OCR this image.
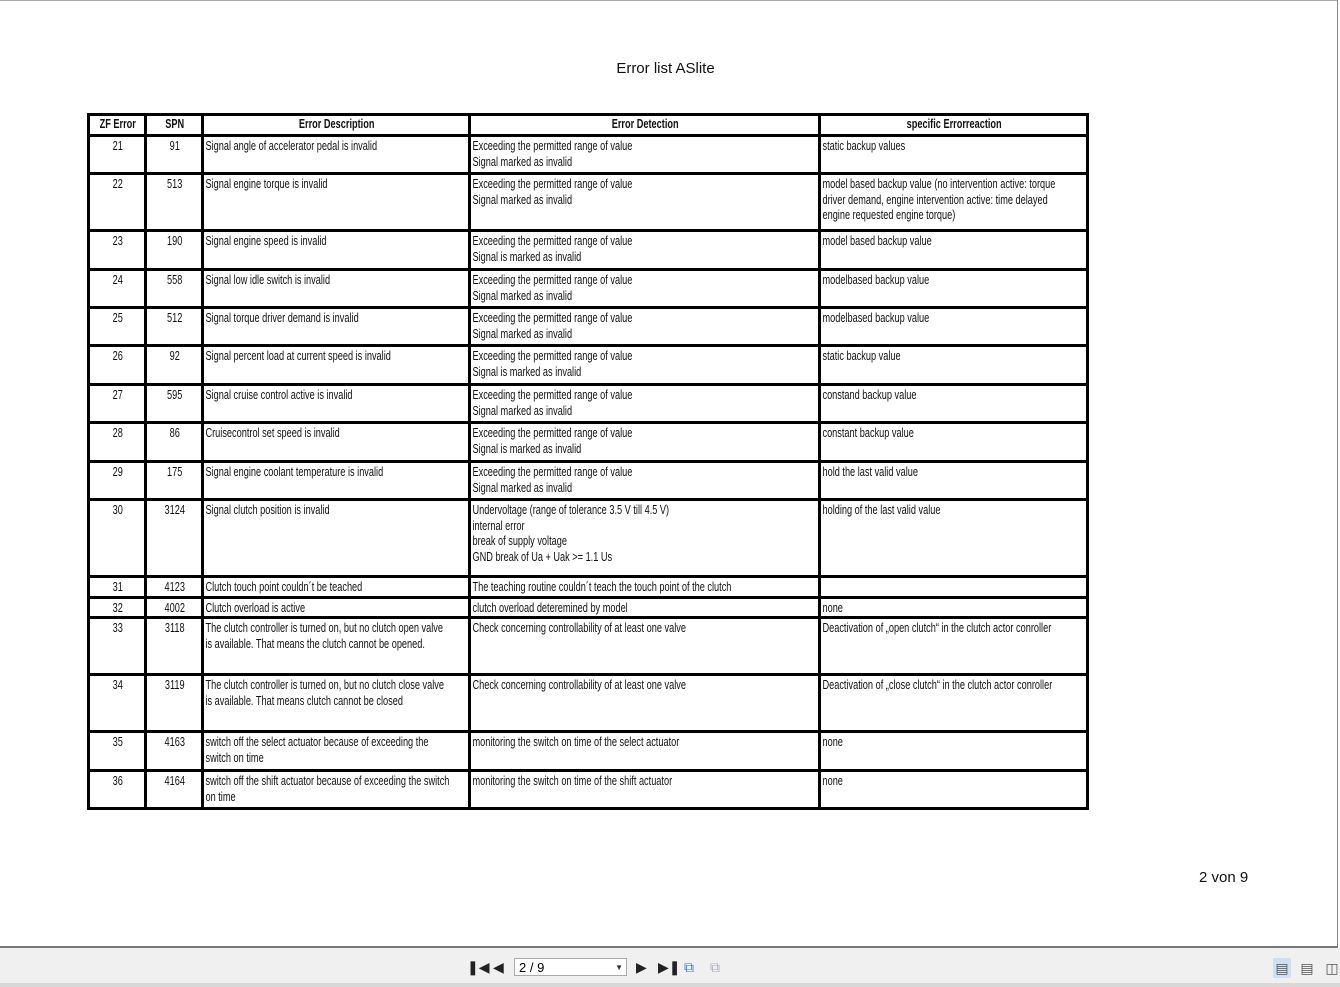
Error list ASlite
ZF Error	SPN	Error Description	Error Detection	specific Errorreaction

21	91	Signal angle of accelerator pedal is invalid	Exceeding the permitted range of value
Signal marked as invalid	static backup values

22	513	Signal engine torque is invalid	Exceeding the permitted range of value
Signal marked as invalid	model based backup value (no intervention active: torque
driver demand, engine intervention active: time delayed
engine requested engine torque)

23	190	Signal engine speed is invalid	Exceeding the permitted range of value
Signal is marked as invalid	model based backup value

24	558	Signal low idle switch is invalid	Exceeding the permitted range of value
Signal marked as invalid	modelbased backup value

25	512	Signal torque driver demand is invalid	Exceeding the permitted range of value
Signal marked as invalid	modelbased backup value

26	92	Signal percent load at current speed is invalid	Exceeding the permitted range of value
Signal is marked as invalid	static backup value

27	595	Signal cruise control active is invalid	Exceeding the permitted range of value
Signal marked as invalid	constand backup value

28	86	Cruisecontrol set speed is invalid	Exceeding the permitted range of value
Signal is marked as invalid	constant backup value

29	175	Signal engine coolant temperature is invalid	Exceeding the permitted range of value
Signal marked as invalid	hold the last valid value

30	3124	Signal clutch position is invalid	Undervoltage (range of tolerance 3.5 V till 4.5 V)
internal error
break of supply voltage
GND break of Ua + Uak >= 1.1 Us	holding of the last valid value

31	4123	Clutch touch point couldn´t be teached	The teaching routine couldn´t teach the touch point of the clutch	

32	4002	Clutch overload is active	clutch overload deteremined by model	none

33	3118	The clutch controller is turned on, but no clutch open valve
is available. That means the clutch cannot be opened.	Check concerning controllability of at least one valve	Deactivation of „open clutch“ in the clutch actor conroller

34	3119	The clutch controller is turned on, but no clutch close valve
is available. That means clutch cannot be closed	Check concerning controllability of at least one valve	Deactivation of „close clutch“ in the clutch actor conroller

35	4163	switch off the select actuator because of exceeding the
switch on time	monitoring the switch on time of the select actuator	none

36	4164	switch off the shift actuator because of exceeding the switch
on time	monitoring the switch on time of the shift actuator	none
2 von 9
❚◀ ◀	2 / 9	▼ ▶ ▶❚ ⧉ ⧉	▤ ▤ ◫
